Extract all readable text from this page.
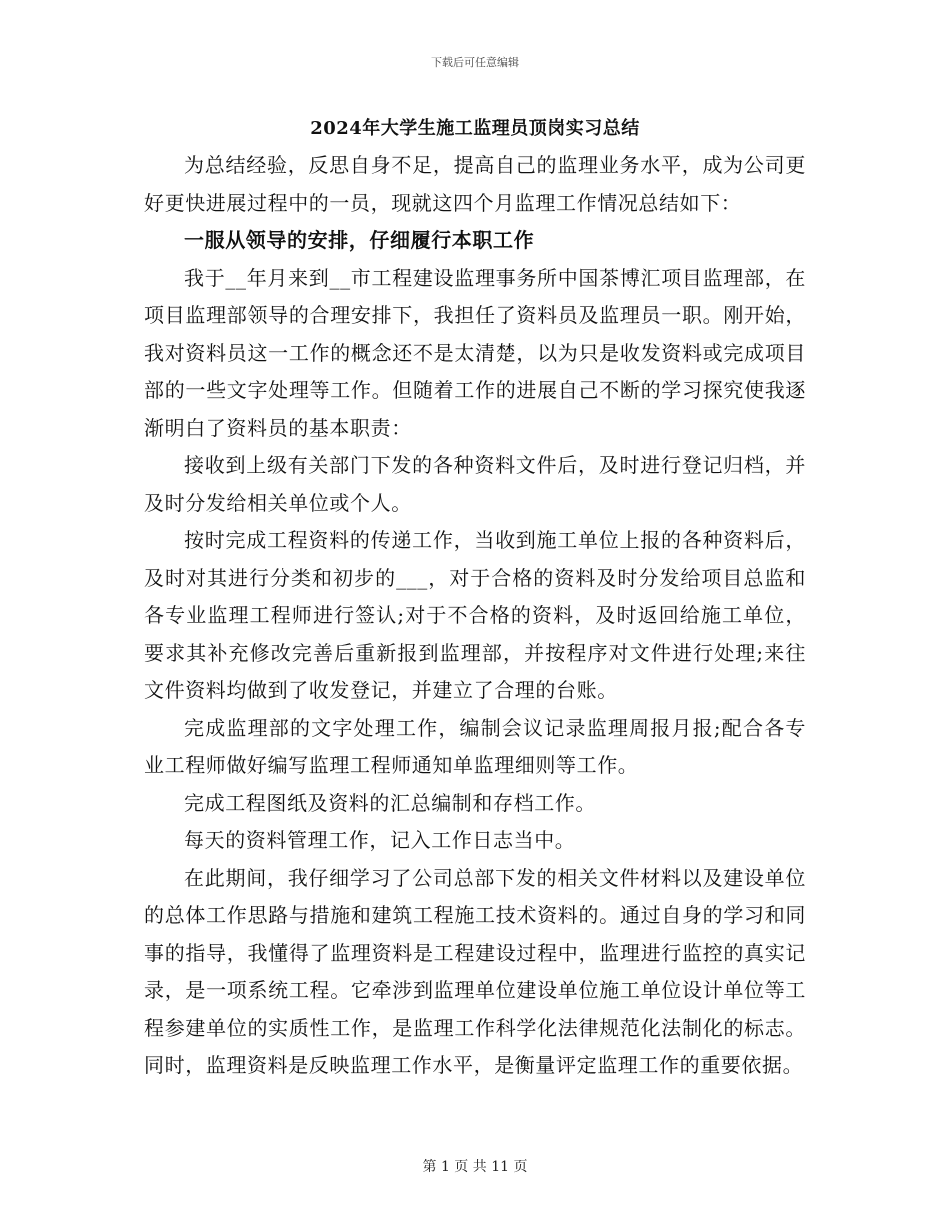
下载后可任意编辑
2024年大学生施工监理员顶岗实习总结

为总结经验，反思自身不足，提高自己的监理业务水平，成为公司更好更快进展过程中的一员，现就这四个月监理工作情况总结如下：

一服从领导的安排，仔细履行本职工作

我于__年月来到__市工程建设监理事务所中国茶博汇项目监理部，在项目监理部领导的合理安排下，我担任了资料员及监理员一职。刚开始，我对资料员这一工作的概念还不是太清楚，以为只是收发资料或完成项目部的一些文字处理等工作。但随着工作的进展自己不断的学习探究使我逐渐明白了资料员的基本职责：

接收到上级有关部门下发的各种资料文件后，及时进行登记归档，并及时分发给相关单位或个人。

按时完成工程资料的传递工作，当收到施工单位上报的各种资料后，及时对其进行分类和初步的___，对于合格的资料及时分发给项目总监和各专业监理工程师进行签认;对于不合格的资料，及时返回给施工单位，要求其补充修改完善后重新报到监理部，并按程序对文件进行处理;来往文件资料均做到了收发登记，并建立了合理的台账。

完成监理部的文字处理工作，编制会议记录监理周报月报;配合各专业工程师做好编写监理工程师通知单监理细则等工作。

完成工程图纸及资料的汇总编制和存档工作。

每天的资料管理工作，记入工作日志当中。

在此期间，我仔细学习了公司总部下发的相关文件材料以及建设单位的总体工作思路与措施和建筑工程施工技术资料的。通过自身的学习和同事的指导，我懂得了监理资料是工程建设过程中，监理进行监控的真实记录，是一项系统工程。它牵涉到监理单位建设单位施工单位设计单位等工程参建单位的实质性工作，是监理工作科学化法律规范化法制化的标志。同时，监理资料是反映监理工作水平，是衡量评定监理工作的重要依据。

第 1 页 共 11 页
